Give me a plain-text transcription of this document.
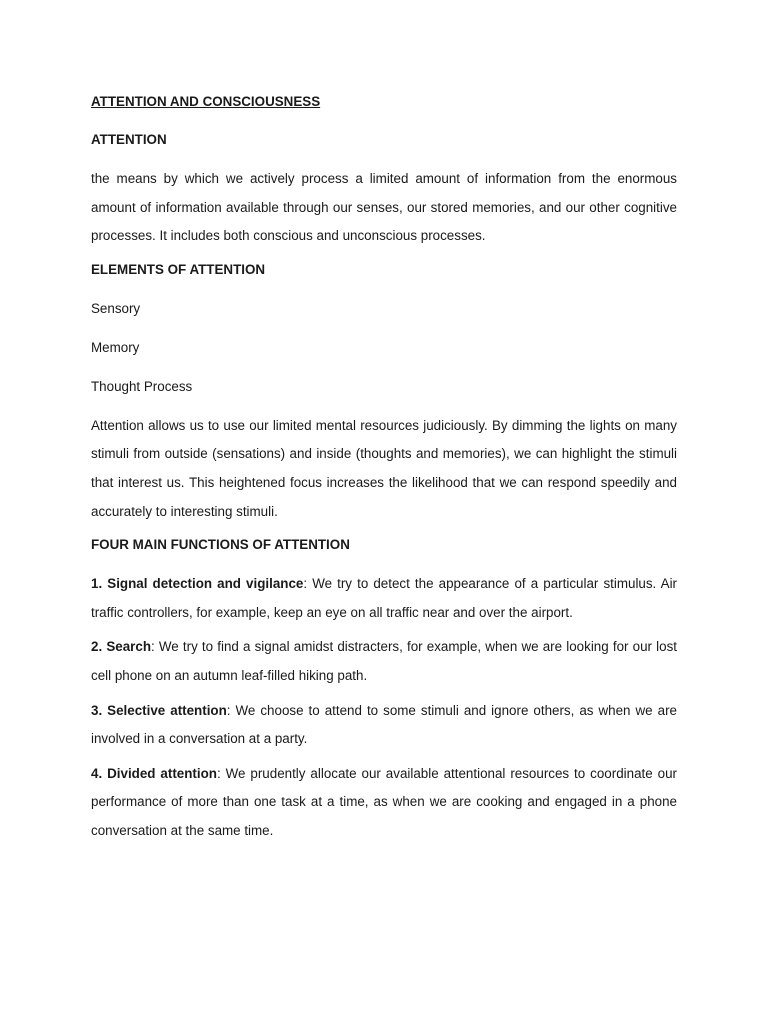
ATTENTION AND CONSCIOUSNESS
ATTENTION

the means by which we actively process a limited amount of information from the enormous amount of information available through our senses, our stored memories, and our other cognitive processes. It includes both conscious and unconscious processes.

ELEMENTS OF ATTENTION
Sensory
Memory
Thought Process

Attention allows us to use our limited mental resources judiciously. By dimming the lights on many stimuli from outside (sensations) and inside (thoughts and memories), we can highlight the stimuli that interest us. This heightened focus increases the likelihood that we can respond speedily and accurately to interesting stimuli.

FOUR MAIN FUNCTIONS OF ATTENTION

1. Signal detection and vigilance: We try to detect the appearance of a particular stimulus. Air traffic controllers, for example, keep an eye on all traffic near and over the airport.

2. Search: We try to find a signal amidst distracters, for example, when we are looking for our lost cell phone on an autumn leaf-filled hiking path.

3. Selective attention: We choose to attend to some stimuli and ignore others, as when we are involved in a conversation at a party.

4. Divided attention: We prudently allocate our available attentional resources to coordinate our performance of more than one task at a time, as when we are cooking and engaged in a phone conversation at the same time.
